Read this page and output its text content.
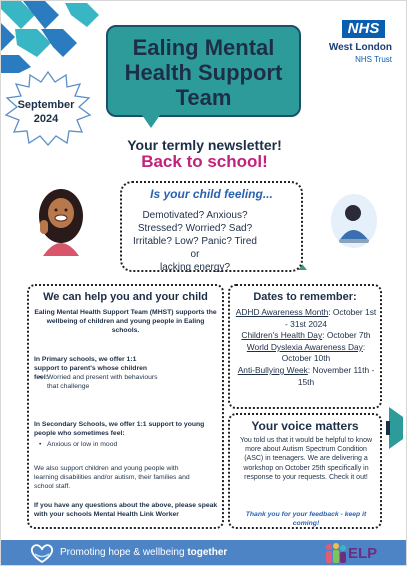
Ealing Mental
Health Support
Team
NHS
West London
NHS Trust
September
2024
Your termly newsletter!
Back to school!
Is your child feeling...
Demotivated? Anxious?
Stressed? Worried? Sad?
Irritable? Low? Panic? Tired or
lacking energy?
We can help you and your child
Ealing Mental Health Support Team (MHST) supports the wellbeing of children and young people in Ealing schools.
In Primary schools, we offer 1:1 support to parent's whose children feel:
• Worried and present with behaviours that challenge
In Secondary Schools, we offer 1:1 support to young people who sometimes feel:
• Anxious or low in mood
We also support children and young people with learning disabilities and/or autism, their families and school staff.
If you have any questions about the above, please speak with your schools Mental Health Link Worker
Dates to remember:
ADHD Awareness Month: October 1st - 31st 2024
Children's Health Day: October 7th
World Dyslexia Awareness Day: October 10th
Anti-Bullying Week: November 11th - 15th
Your voice matters
You told us that it would be helpful to know more about Autism Spectrum Condition (ASC) in teenagers. We are delivering a workshop on October 25th specifically in response to your requests. Check it out!
Thank you for your feedback - keep it coming!
Promoting hope & wellbeing together	ELP
